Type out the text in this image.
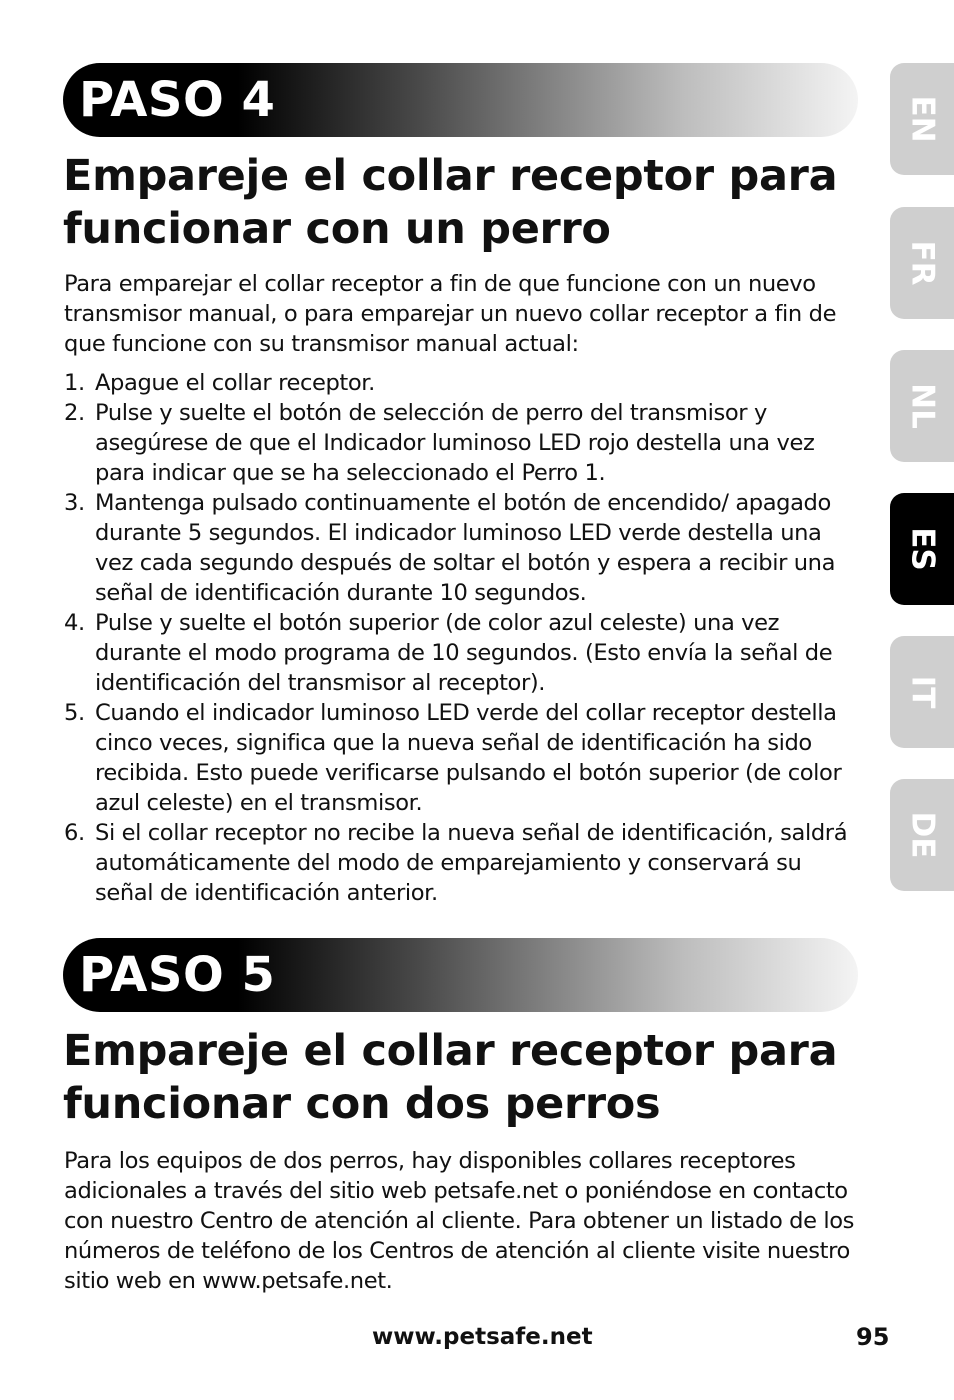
EN
FR
NL
ES
IT
DE
PASO 4
Empareje el collar receptor para
funcionar con un perro

Para emparejar el collar receptor a fin de que funcione con un nuevo transmisor manual, o para emparejar un nuevo collar receptor a fin de que funcione con su transmisor manual actual:

1. Apague el collar receptor.
2. Pulse y suelte el botón de selección de perro del transmisor y asegúrese de que el Indicador luminoso LED rojo destella una vez para indicar que se ha seleccionado el Perro 1.
3. Mantenga pulsado continuamente el botón de encendido/ apagado durante 5 segundos. El indicador luminoso LED verde destella una vez cada segundo después de soltar el botón y espera a recibir una señal de identificación durante 10 segundos.
4. Pulse y suelte el botón superior (de color azul celeste) una vez durante el modo programa de 10 segundos. (Esto envía la señal de identificación del transmisor al receptor).
5. Cuando el indicador luminoso LED verde del collar receptor destella cinco veces, significa que la nueva señal de identificación ha sido recibida. Esto puede verificarse pulsando el botón superior (de color azul celeste) en el transmisor.
6. Si el collar receptor no recibe la nueva señal de identificación, saldrá automáticamente del modo de emparejamiento y conservará su señal de identificación anterior.
PASO 5
Empareje el collar receptor para
funcionar con dos perros

Para los equipos de dos perros, hay disponibles collares receptores adicionales a través del sitio web petsafe.net o poniéndose en contacto con nuestro Centro de atención al cliente. Para obtener un listado de los números de teléfono de los Centros de atención al cliente visite nuestro sitio web en www.petsafe.net.

www.petsafe.net	95
